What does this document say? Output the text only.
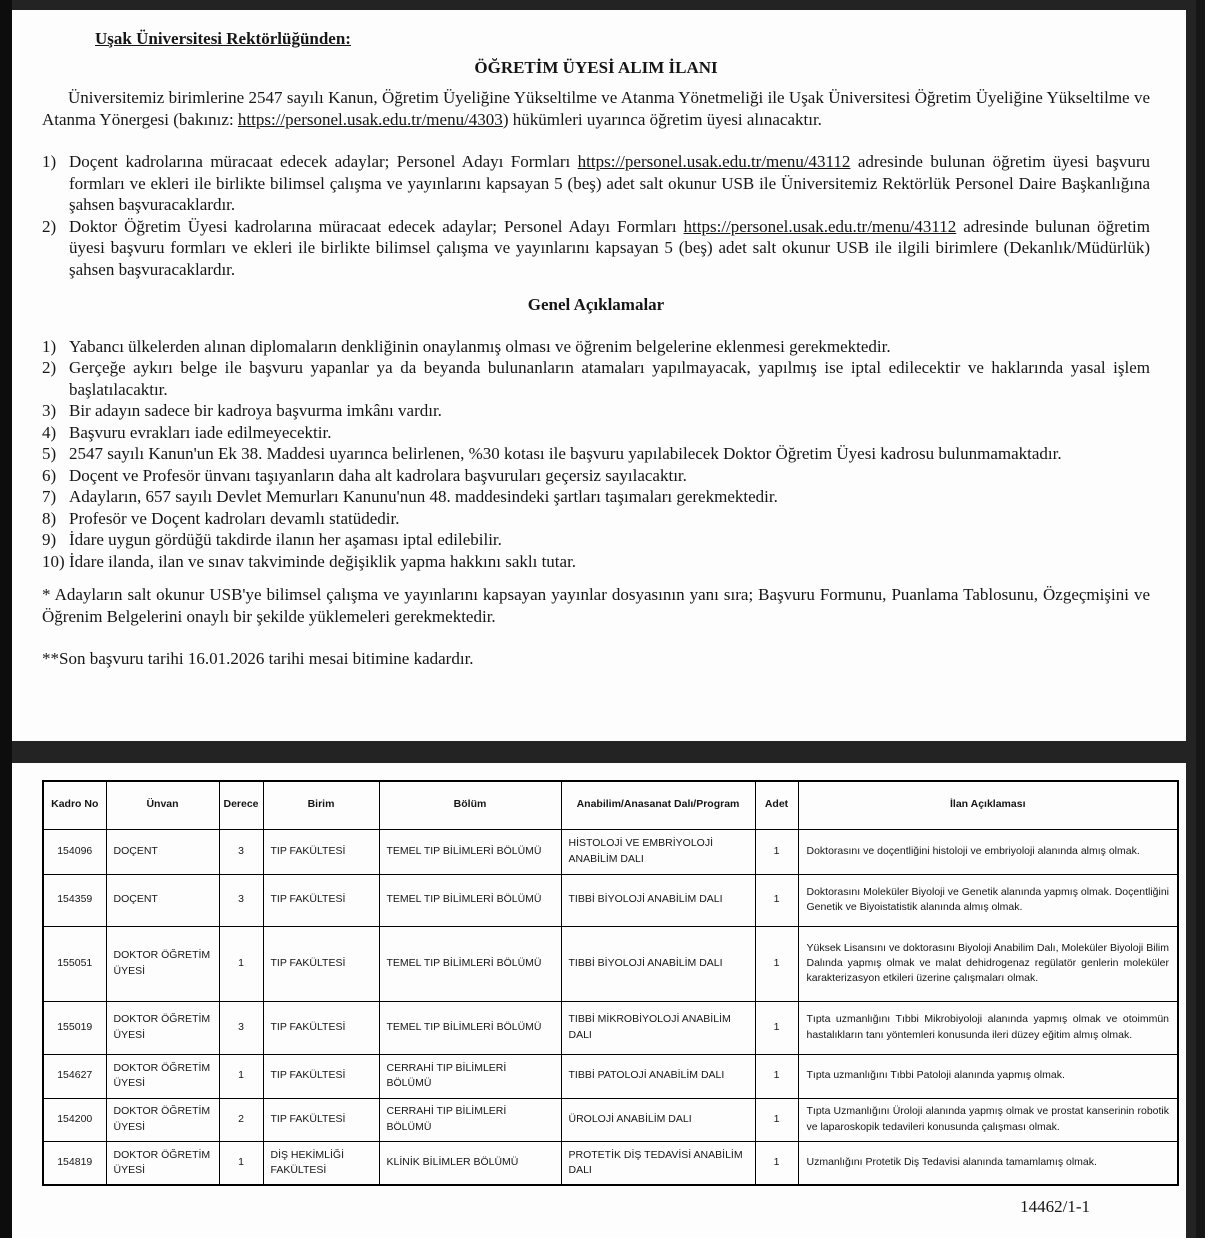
Uşak Üniversitesi Rektörlüğünden:
ÖĞRETİM ÜYESİ ALIM İLANI

Üniversitemiz birimlerine 2547 sayılı Kanun, Öğretim Üyeliğine Yükseltilme ve Atanma Yönetmeliği ile Uşak Üniversitesi Öğretim Üyeliğine Yükseltilme ve Atanma Yönergesi (bakınız: https://personel.usak.edu.tr/menu/4303) hükümleri uyarınca öğretim üyesi alınacaktır.

1) Doçent kadrolarına müracaat edecek adaylar; Personel Adayı Formları https://personel.usak.edu.tr/menu/43112 adresinde bulunan öğretim üyesi başvuru formları ve ekleri ile birlikte bilimsel çalışma ve yayınlarını kapsayan 5 (beş) adet salt okunur USB ile Üniversitemiz Rektörlük Personel Daire Başkanlığına şahsen başvuracaklardır.
2) Doktor Öğretim Üyesi kadrolarına müracaat edecek adaylar; Personel Adayı Formları https://personel.usak.edu.tr/menu/43112 adresinde bulunan öğretim üyesi başvuru formları ve ekleri ile birlikte bilimsel çalışma ve yayınlarını kapsayan 5 (beş) adet salt okunur USB ile ilgili birimlere (Dekanlık/Müdürlük) şahsen başvuracaklardır.
Genel Açıklamalar
1) Yabancı ülkelerden alınan diplomaların denkliğinin onaylanmış olması ve öğrenim belgelerine eklenmesi gerekmektedir.
2) Gerçeğe aykırı belge ile başvuru yapanlar ya da beyanda bulunanların atamaları yapılmayacak, yapılmış ise iptal edilecektir ve haklarında yasal işlem başlatılacaktır.
3) Bir adayın sadece bir kadroya başvurma imkânı vardır.
4) Başvuru evrakları iade edilmeyecektir.
5) 2547 sayılı Kanun'un Ek 38. Maddesi uyarınca belirlenen, %30 kotası ile başvuru yapılabilecek Doktor Öğretim Üyesi kadrosu bulunmamaktadır.
6) Doçent ve Profesör ünvanı taşıyanların daha alt kadrolara başvuruları geçersiz sayılacaktır.
7) Adayların, 657 sayılı Devlet Memurları Kanunu'nun 48. maddesindeki şartları taşımaları gerekmektedir.
8) Profesör ve Doçent kadroları devamlı statüdedir.
9) İdare uygun gördüğü takdirde ilanın her aşaması iptal edilebilir.
10) İdare ilanda, ilan ve sınav takviminde değişiklik yapma hakkını saklı tutar.

* Adayların salt okunur USB'ye bilimsel çalışma ve yayınlarını kapsayan yayınlar dosyasının yanı sıra; Başvuru Formunu, Puanlama Tablosunu, Özgeçmişini ve Öğrenim Belgelerini onaylı bir şekilde yüklemeleri gerekmektedir.

**Son başvuru tarihi 16.01.2026 tarihi mesai bitimine kadardır.

Kadro No	Ünvan	Derece	Birim	Bölüm	Anabilim/Anasanat Dalı/Program	Adet	İlan Açıklaması
154096	DOÇENT	3	TIP FAKÜLTESİ	TEMEL TIP BİLİMLERİ BÖLÜMÜ	HİSTOLOJİ VE EMBRİYOLOJİ ANABİLİM DALI	1	Doktorasını ve doçentliğini histoloji ve embriyoloji alanında almış olmak.
154359	DOÇENT	3	TIP FAKÜLTESİ	TEMEL TIP BİLİMLERİ BÖLÜMÜ	TIBBİ BİYOLOJİ ANABİLİM DALI	1	Doktorasını Moleküler Biyoloji ve Genetik alanında yapmış olmak. Doçentliğini Genetik ve Biyoistatistik alanında almış olmak.
155051	DOKTOR ÖĞRETİM ÜYESİ	1	TIP FAKÜLTESİ	TEMEL TIP BİLİMLERİ BÖLÜMÜ	TIBBİ BİYOLOJİ ANABİLİM DALI	1	Yüksek Lisansını ve doktorasını Biyoloji Anabilim Dalı, Moleküler Biyoloji Bilim Dalında yapmış olmak ve malat dehidrogenaz regülatör genlerin moleküler karakterizasyon etkileri üzerine çalışmaları olmak.
155019	DOKTOR ÖĞRETİM ÜYESİ	3	TIP FAKÜLTESİ	TEMEL TIP BİLİMLERİ BÖLÜMÜ	TIBBİ MİKROBİYOLOJİ ANABİLİM DALI	1	Tıpta uzmanlığını Tıbbi Mikrobiyoloji alanında yapmış olmak ve otoimmün hastalıkların tanı yöntemleri konusunda ileri düzey eğitim almış olmak.
154627	DOKTOR ÖĞRETİM ÜYESİ	1	TIP FAKÜLTESİ	CERRAHİ TIP BİLİMLERİ BÖLÜMÜ	TIBBİ PATOLOJİ ANABİLİM DALI	1	Tıpta uzmanlığını Tıbbi Patoloji alanında yapmış olmak.
154200	DOKTOR ÖĞRETİM ÜYESİ	2	TIP FAKÜLTESİ	CERRAHİ TIP BİLİMLERİ BÖLÜMÜ	ÜROLOJİ ANABİLİM DALI	1	Tıpta Uzmanlığını Üroloji alanında yapmış olmak ve prostat kanserinin robotik ve laparoskopik tedavileri konusunda çalışması olmak.
154819	DOKTOR ÖĞRETİM ÜYESİ	1	DİŞ HEKİMLİĞİ FAKÜLTESİ	KLİNİK BİLİMLER BÖLÜMÜ	PROTETİK DİŞ TEDAVİSİ ANABİLİM DALI	1	Uzmanlığını Protetik Diş Tedavisi alanında tamamlamış olmak.
14462/1-1
